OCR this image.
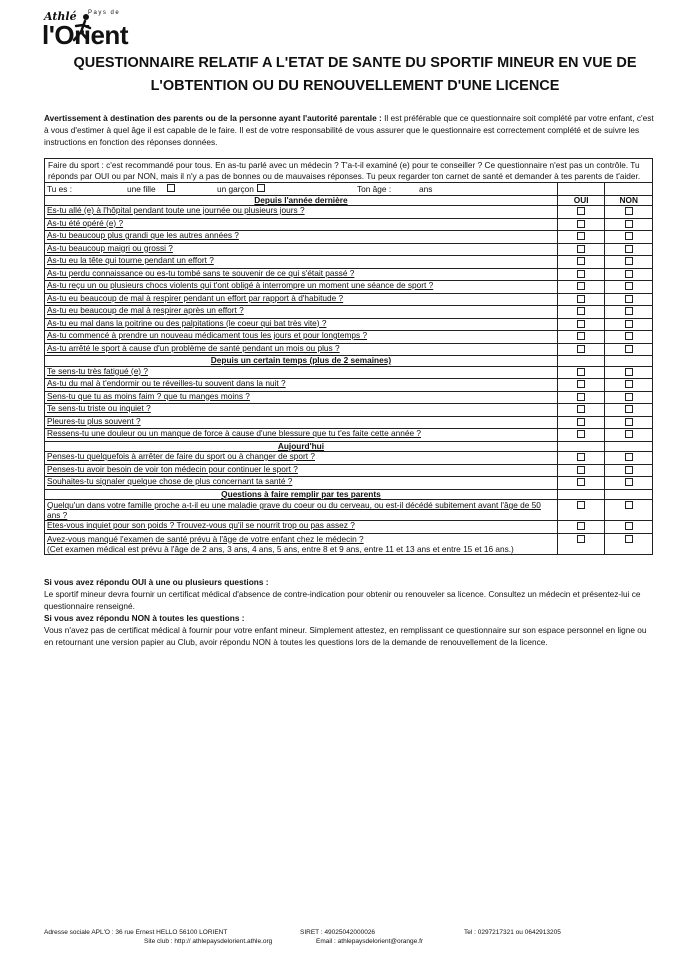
Athlé Pays de
l'Orient
QUESTIONNAIRE RELATIF A L'ETAT DE SANTE DU SPORTIF MINEUR EN VUE DE
L'OBTENTION OU DU RENOUVELLEMENT D'UNE LICENCE
Avertissement à destination des parents ou de la personne ayant l'autorité parentale : Il est préférable que ce questionnaire soit complété par votre enfant, c'est à vous d'estimer à quel âge il est capable de le faire. Il est de votre responsabilité de vous assurer que le questionnaire est correctement complété et de suivre les instructions en fonction des réponses données.
Faire du sport : c'est recommandé pour tous. En as-tu parlé avec un médecin ? T'a-t-il examiné (e) pour te conseiller ? Ce questionnaire n'est pas un contrôle. Tu réponds par OUI ou par NON, mais il n'y a pas de bonnes ou de mauvaises réponses. Tu peux regarder ton carnet de santé et demander à tes parents de t'aider.		
Tu es : une fille un garçon Ton âge : ans		
Depuis l'année dernière	OUI	NON
Es-tu allé (e) à l'hôpital pendant toute une journée ou plusieurs jours ?		
As-tu été opéré (e) ?		
As-tu beaucoup plus grandi que les autres années ?		
As-tu beaucoup maigri ou grossi ?		
As-tu eu la tête qui tourne pendant un effort ?		
As-tu perdu connaissance ou es-tu tombé sans te souvenir de ce qui s'était passé ?		
As-tu reçu un ou plusieurs chocs violents qui t'ont obligé à interrompre un moment une séance de sport ?		
As-tu eu beaucoup de mal à respirer pendant un effort par rapport à d'habitude ?		
As-tu eu beaucoup de mal à respirer après un effort ?		
As-tu eu mal dans la poitrine ou des palpitations (le coeur qui bat très vite) ?		
As-tu commencé à prendre un nouveau médicament tous les jours et pour longtemps ?		
As-tu arrêté le sport à cause d'un problème de santé pendant un mois ou plus ?		
Depuis un certain temps (plus de 2 semaines)		
Te sens-tu très fatigué (e) ?		
As-tu du mal à t'endormir ou te réveilles-tu souvent dans la nuit ?		
Sens-tu que tu as moins faim ? que tu manges moins ?		
Te sens-tu triste ou inquiet ?		
Pleures-tu plus souvent ?		
Ressens-tu une douleur ou un manque de force à cause d'une blessure que tu t'es faite cette année ?		
Aujourd'hui		
Penses-tu quelquefois à arrêter de faire du sport ou à changer de sport ?		
Penses-tu avoir besoin de voir ton médecin pour continuer le sport ?		
Souhaites-tu signaler quelque chose de plus concernant ta santé ?		
Questions à faire remplir par tes parents		
Quelqu'un dans votre famille proche a-t-il eu une maladie grave du coeur ou du cerveau, ou est-il décédé subitement avant l'âge de 50 ans ?		
Etes-vous inquiet pour son poids ? Trouvez-vous qu'il se nourrit trop ou pas assez ?		
Avez-vous manqué l'examen de santé prévu à l'âge de votre enfant chez le médecin ?
(Cet examen médical est prévu à l'âge de 2 ans, 3 ans, 4 ans, 5 ans, entre 8 et 9 ans, entre 11 et 13 ans et entre 15 et 16 ans.)		

Si vous avez répondu OUI à une ou plusieurs questions :

Le sportif mineur devra fournir un certificat médical d'absence de contre-indication pour obtenir ou renouveler sa licence. Consultez un médecin et présentez-lui ce questionnaire renseigné.

Si vous avez répondu NON à toutes les questions :

Vous n'avez pas de certificat médical à fournir pour votre enfant mineur. Simplement attestez, en remplissant ce questionnaire sur son espace personnel en ligne ou en retournant une version papier au Club, avoir répondu NON à toutes les questions lors de la demande de renouvellement de la licence.

Adresse sociale APL'O : 36 rue Ernest HELLO 56100 LORIENT	SIRET : 49025042000026	Tel : 0297217321 ou 0642913205
Site club : http:// athlepaysdelorient.athle.org	Email : athlepaysdelorient@orange.fr
